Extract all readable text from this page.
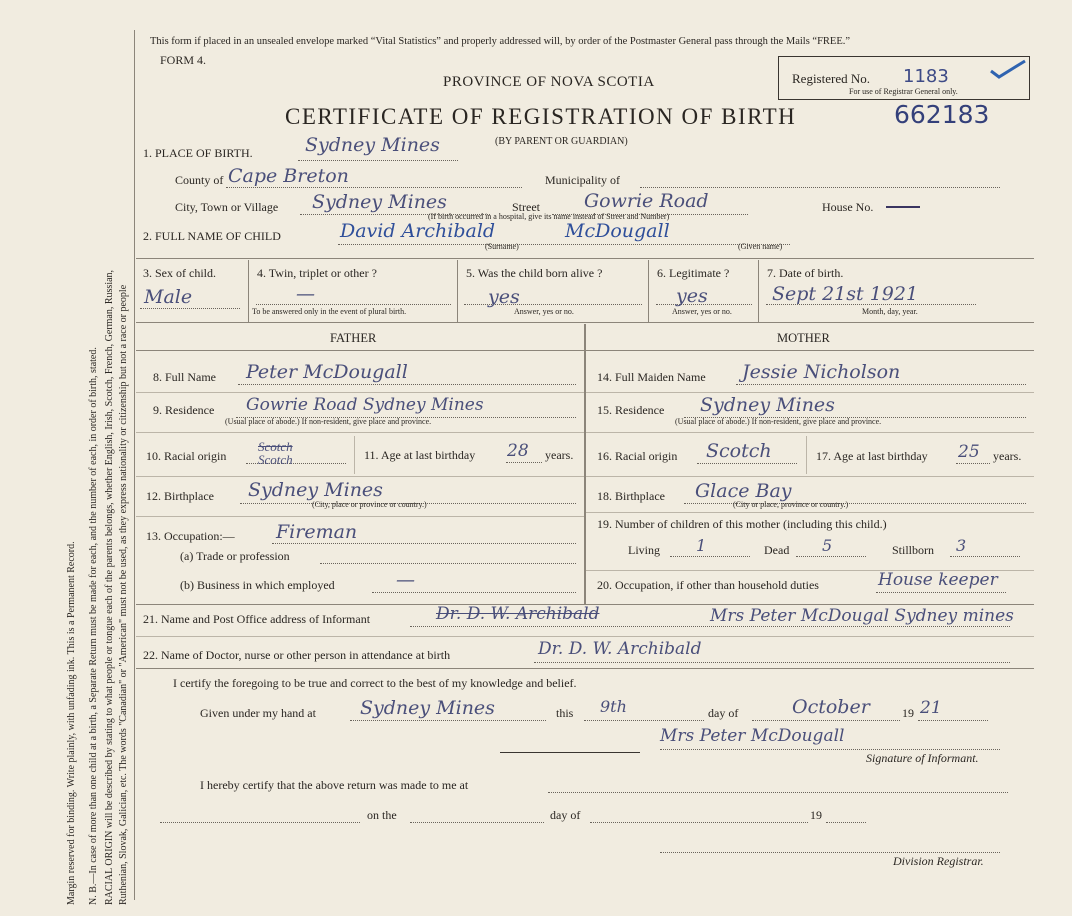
Margin reserved for binding. Write plainly, with unfading ink. This is a Permanent Record. N. B.—In case of more than one child at a birth, a Separate Return must be made for each, and the number of each, in order of birth, stated. RACIAL ORIGIN will be described by stating to what people or tongue each of the parents belongs, whether English, Irish, Scotch, French, German, Russian, Ruthenian, Slovak, Galician, etc. The words "Canadian" or "American" must not be used, as they express nationality or citizenship but not a race or people
This form if placed in an unsealed envelope marked “Vital Statistics” and properly addressed will, by order of the Postmaster General pass through the Mails “FREE.”
FORM 4.
PROVINCE OF NOVA SCOTIA
CERTIFICATE OF REGISTRATION OF BIRTH
(BY PARENT OR GUARDIAN)
Registered No. 1183
For use of Registrar General only.
662183
1. PLACE OF BIRTH.	Sydney Mines
County of Cape Breton	Municipality of
City, Town or Village Sydney Mines	Street Gowrie Road
(If birth occurred in a hospital, give its name instead of Street and Number)
House No.
2. FULL NAME OF CHILD	David Archibald	McDougall
(Surname)	(Given name)
3. Sex of child.
Male
4. Twin, triplet or other ?
—
To be answered only in the event of plural birth.
5. Was the child born alive ?
yes
Answer, yes or no.
6. Legitimate ?
yes
Answer, yes or no.
7. Date of birth.
Sept 21st 1921
Month, day, year.
FATHER	MOTHER
8. Full Name Peter McDougall
9. Residence Gowrie Road Sydney Mines
(Usual place of abode.) If non-resident, give place and province.
10. Racial origin
Scotch
Scotch	11. Age at last birthday 28 years.
12. Birthplace Sydney Mines
(City, place or province or country.)
13. Occupation:— Fireman
(a) Trade or profession
(b) Business in which employed	—
14. Full Maiden Name Jessie Nicholson
15. Residence Sydney Mines
(Usual place of abode.) If non-resident, give place and province.
16. Racial origin Scotch	17. Age at last birthday 25 years.
18. Birthplace Glace Bay
(City or place, province or country.)
19. Number of children of this mother (including this child.)
Living 1	Dead 5	Stillborn 3
20. Occupation, if other than household duties	House keeper
21. Name and Post Office address of Informant	Dr. D. W. Archibald	Mrs Peter McDougal Sydney mines
22. Name of Doctor, nurse or other person in attendance at birth	Dr. D. W. Archibald
I certify the foregoing to be true and correct to the best of my knowledge and belief.
Given under my hand at Sydney Mines	this 9th	day of	October	19 21
Mrs Peter McDougall
Signature of Informant.
I hereby certify that the above return was made to me at
on the	day of	19
Division Registrar.
